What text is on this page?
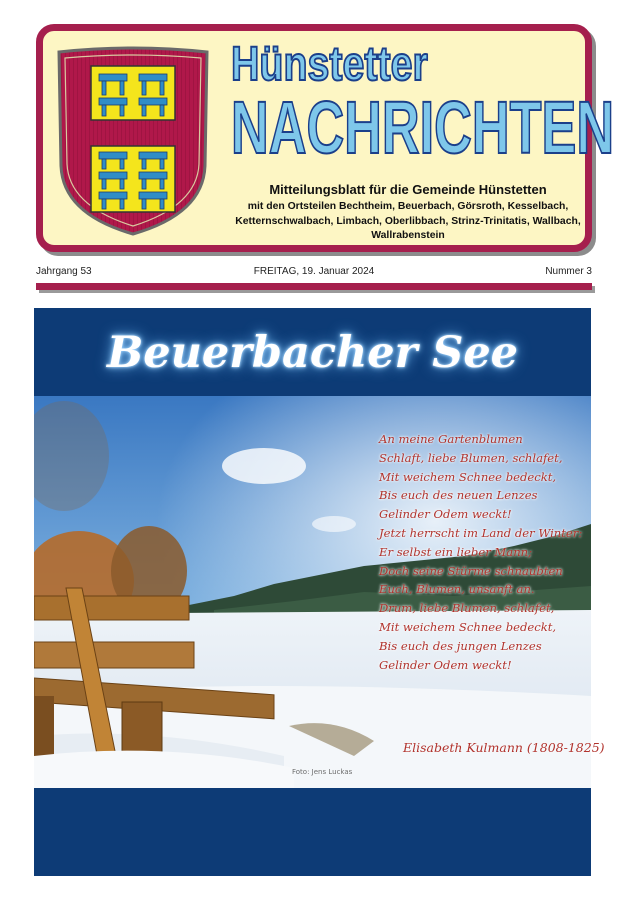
Hünstetter
NACHRICHTEN

Mitteilungsblatt für die Gemeinde Hünstetten

mit den Ortsteilen Bechtheim, Beuerbach, Görsroth, Kesselbach, Ketternschwalbach, Limbach, Oberlibbach, Strinz-Trinitatis, Wallbach, Wallrabenstein

Jahrgang 53	FREITAG, 19. Januar 2024	Nummer 3
Beuerbacher See
An meine Gartenblumen
Schlaft, liebe Blumen, schlafet,
Mit weichem Schnee bedeckt,
Bis euch des neuen Lenzes
Gelinder Odem weckt!
Jetzt herrscht im Land der Winter:
Er selbst ein lieber Mann;
Doch seine Stürme schnaubten
Euch, Blumen, unsanft an.
Drum, liebe Blumen, schlafet,
Mit weichem Schnee bedeckt,
Bis euch des jungen Lenzes
Gelinder Odem weckt!

Elisabeth Kulmann (1808-1825)

Foto: Jens Luckas
